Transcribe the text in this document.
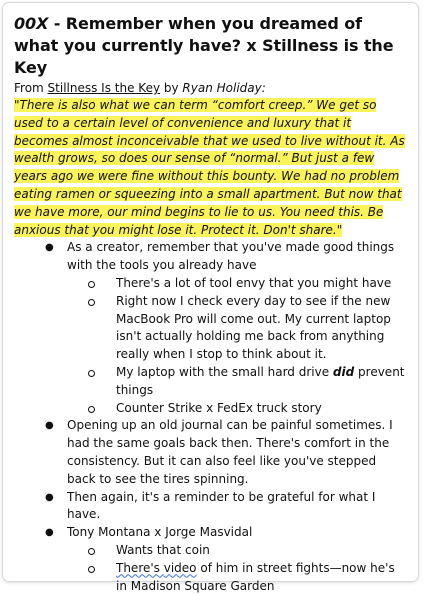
00X - Remember when you dreamed of what you currently have? x Stillness is the Key
From Stillness Is the Key by Ryan Holiday:
"There is also what we can term “comfort creep.” We get so used to a certain level of convenience and luxury that it becomes almost inconceivable that we used to live without it. As wealth grows, so does our sense of “normal.” But just a few years ago we were fine without this bounty. We had no problem eating ramen or squeezing into a small apartment. But now that we have more, our mind begins to lie to us. You need this. Be anxious that you might lose it. Protect it. Don't share."
● As a creator, remember that you've made good things with the tools you already have
There's a lot of tool envy that you might have
Right now I check every day to see if the new MacBook Pro will come out. My current laptop isn't actually holding me back from anything really when I stop to think about it.
My laptop with the small hard drive did prevent things
Counter Strike x FedEx truck story
● Opening up an old journal can be painful sometimes. I had the same goals back then. There's comfort in the consistency. But it can also feel like you've stepped back to see the tires spinning.
● Then again, it's a reminder to be grateful for what I have.
● Tony Montana x Jorge Masvidal
Wants that coin
There's video of him in street fights—now he's in Madison Square Garden
